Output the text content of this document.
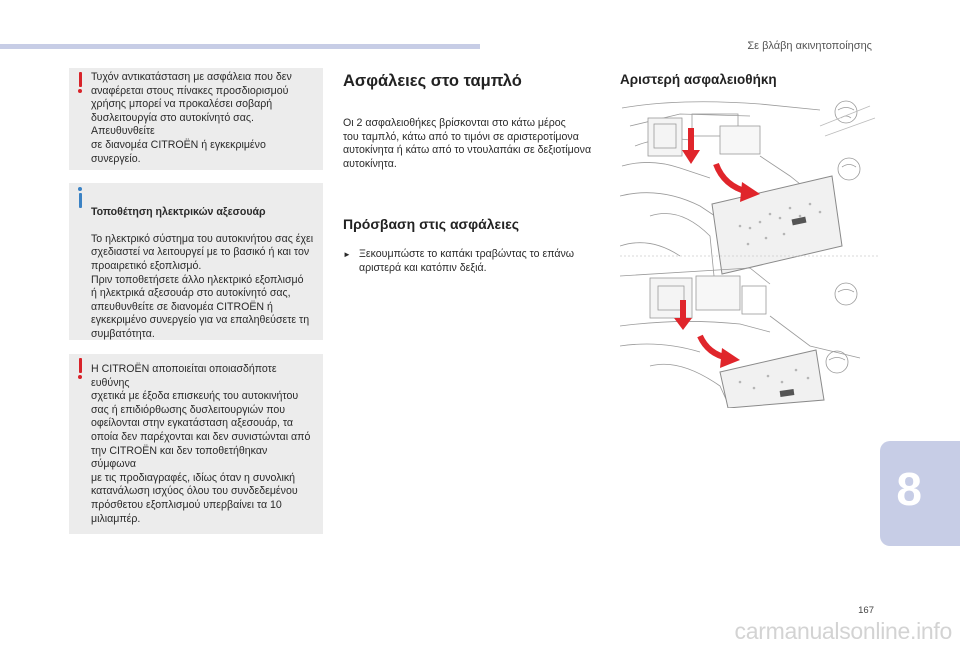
Σε βλάβη ακινητοποίησης

Τυχόν αντικατάσταση με ασφάλεια που δεν
αναφέρεται στους πίνακες προσδιορισμού
χρήσης μπορεί να προκαλέσει σοβαρή
δυσλειτουργία στο αυτοκίνητό σας. Απευθυνθείτε
σε διανομέα CITROËN ή εγκεκριμένο συνεργείο.

Τοποθέτηση ηλεκτρικών αξεσουάρ

Το ηλεκτρικό σύστημα του αυτοκινήτου σας έχει
σχεδιαστεί να λειτουργεί με το βασικό ή και τον
προαιρετικό εξοπλισμό.
Πριν τοποθετήσετε άλλο ηλεκτρικό εξοπλισμό
ή ηλεκτρικά αξεσουάρ στο αυτοκίνητό σας,
απευθυνθείτε σε διανομέα CITROËN ή
εγκεκριμένο συνεργείο για να επαληθεύσετε τη
συμβατότητα.

Η CITROËN αποποιείται οποιασδήποτε ευθύνης
σχετικά με έξοδα επισκευής του αυτοκινήτου
σας ή επιδιόρθωσης δυσλειτουργιών που
οφείλονται στην εγκατάσταση αξεσουάρ, τα
οποία δεν παρέχονται και δεν συνιστώνται από
την CITROËN και δεν τοποθετήθηκαν σύμφωνα
με τις προδιαγραφές, ιδίως όταν η συνολική
κατανάλωση ισχύος όλου του συνδεδεμένου
πρόσθετου εξοπλισμού υπερβαίνει τα 10
μιλιαμπέρ.

Ασφάλειες στο ταμπλό
Οι 2 ασφαλειοθήκες βρίσκονται στο κάτω μέρος
του ταμπλό, κάτω από το τιμόνι σε αριστεροτίμονα
αυτοκίνητα ή κάτω από το ντουλαπάκι σε δεξιοτίμονα
αυτοκίνητα.
Πρόσβαση στις ασφάλειες
► Ξεκουμπώστε το καπάκι τραβώντας το επάνω
αριστερά και κατόπιν δεξιά.
Αριστερή ασφαλειοθήκη
8
167
carmanualsonline.info
